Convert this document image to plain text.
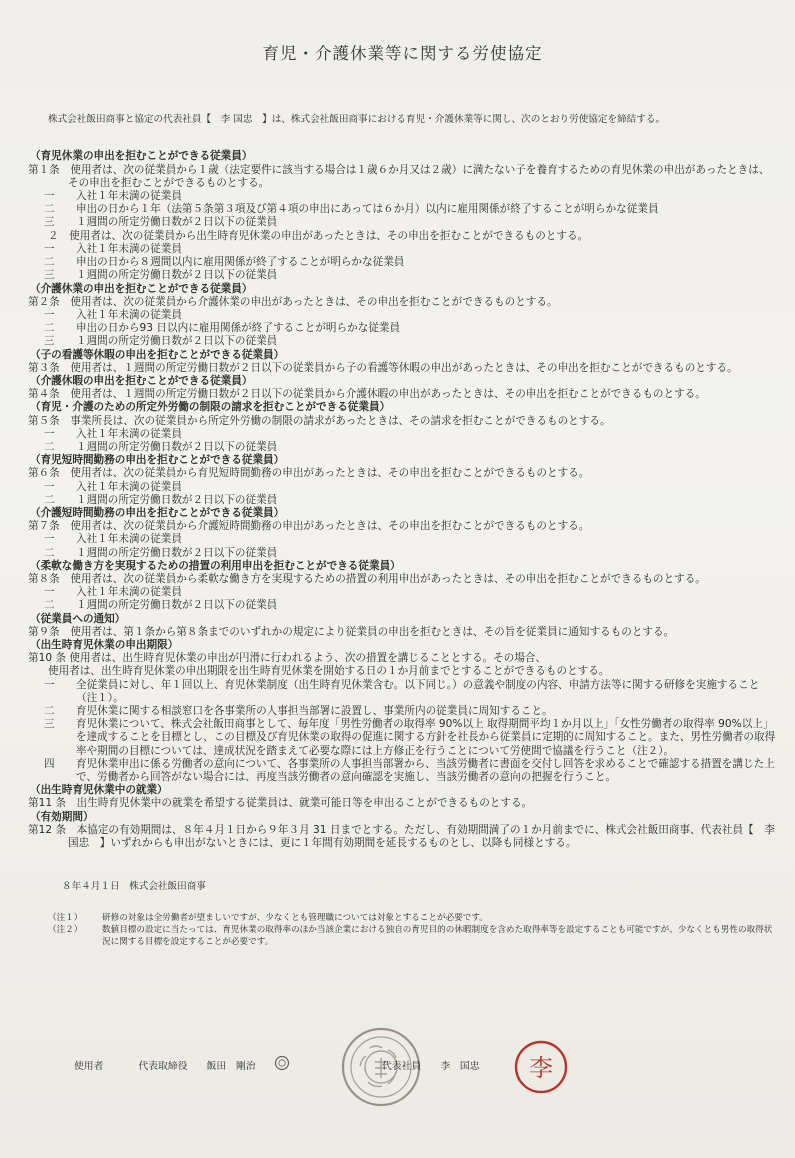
育児・介護休業等に関する労使協定
株式会社飯田商事と協定の代表社員【　李 国忠　】は、株式会社飯田商事における育児・介護休業等に関し、次のとおり労使協定を締結する。
（育児休業の申出を拒むことができる従業員）
第１条　使用者は、次の従業員から１歳（法定要件に該当する場合は１歳６か月又は２歳）に満たない子を養育するための育児休業の申出があったときは、その申出を拒むことができるものとする。
一 入社１年未満の従業員
二 申出の日から１年（法第５条第３項及び第４項の申出にあっては６か月）以内に雇用関係が終了することが明らかな従業員
三 １週間の所定労働日数が２日以下の従業員
２　使用者は、次の従業員から出生時育児休業の申出があったときは、その申出を拒むことができるものとする。
一 入社１年未満の従業員
二 申出の日から８週間以内に雇用関係が終了することが明らかな従業員
三 １週間の所定労働日数が２日以下の従業員
（介護休業の申出を拒むことができる従業員）
第２条　使用者は、次の従業員から介護休業の申出があったときは、その申出を拒むことができるものとする。
一 入社１年未満の従業員
二 申出の日から93 日以内に雇用関係が終了することが明らかな従業員
三 １週間の所定労働日数が２日以下の従業員
（子の看護等休暇の申出を拒むことができる従業員）
第３条　使用者は、１週間の所定労働日数が２日以下の従業員から子の看護等休暇の申出があったときは、その申出を拒むことができるものとする。
（介護休暇の申出を拒むことができる従業員）
第４条　使用者は、１週間の所定労働日数が２日以下の従業員から介護休暇の申出があったときは、その申出を拒むことができるものとする。
（育児・介護のための所定外労働の制限の請求を拒むことができる従業員）
第５条　事業所長は、次の従業員から所定外労働の制限の請求があったときは、その請求を拒むことができるものとする。
一 入社１年未満の従業員
二 １週間の所定労働日数が２日以下の従業員
（育児短時間勤務の申出を拒むことができる従業員）
第６条　使用者は、次の従業員から育児短時間勤務の申出があったときは、その申出を拒むことができるものとする。
一 入社１年未満の従業員
二 １週間の所定労働日数が２日以下の従業員
（介護短時間勤務の申出を拒むことができる従業員）
第７条　使用者は、次の従業員から介護短時間勤務の申出があったときは、その申出を拒むことができるものとする。
一 入社１年未満の従業員
二 １週間の所定労働日数が２日以下の従業員
（柔軟な働き方を実現するための措置の利用申出を拒むことができる従業員）
第８条　使用者は、次の従業員から柔軟な働き方を実現するための措置の利用申出があったときは、その申出を拒むことができるものとする。
一 入社１年未満の従業員
二 １週間の所定労働日数が２日以下の従業員
（従業員への通知）
第９条　使用者は、第１条から第８条までのいずれかの規定により従業員の申出を拒むときは、その旨を従業員に通知するものとする。
（出生時育児休業の申出期限）
第10 条 使用者は、出生時育児休業の申出が円滑に行われるよう、次の措置を講じることとする。その場合、
使用者は、出生時育児休業の申出期限を出生時育児休業を開始する日の１か月前までとすることができるものとする。
一 全従業員に対し、年１回以上、育児休業制度（出生時育児休業含む。以下同じ。）の意義や制度の内容、申請方法等に関する研修を実施すること（注１）。
二 育児休業に関する相談窓口を各事業所の人事担当部署に設置し、事業所内の従業員に周知すること。
三 育児休業について、株式会社飯田商事として、毎年度「男性労働者の取得率 90%以上 取得期間平均１か月以上」「女性労働者の取得率 90%以上」を達成することを目標とし、この目標及び育児休業の取得の促進に関する方針を社長から従業員に定期的に周知すること。また、男性労働者の取得率や期間の目標については、達成状況を踏まえて必要な際には上方修正を行うことについて労使間で協議を行うこと（注２）。
四 育児休業申出に係る労働者の意向について、各事業所の人事担当部署から、当該労働者に書面を交付し回答を求めることで確認する措置を講じた上で、労働者から回答がない場合には、再度当該労働者の意向確認を実施し、当該労働者の意向の把握を行うこと。
（出生時育児休業中の就業）
第11 条　出生時育児休業中の就業を希望する従業員は、就業可能日等を申出ることができるものとする。
（有効期間）
第12 条　本協定の有効期間は、８年４月１日から９年３月 31 日までとする。ただし、有効期間満了の１か月前までに、株式会社飯田商事、代表社員【　李　国忠　】いずれからも申出がないときには、更に１年間有効期間を延長するものとし、以降も同様とする。
８年４月１日　株式会社飯田商事
（注１） 研修の対象は全労働者が望ましいですが、少なくとも管理職については対象とすることが必要です。
（注２） 数値目標の設定に当たっては、育児休業の取得率のほか当該企業における独自の育児目的の休暇制度を含めた取得率等を設定することも可能ですが、少なくとも男性の取得状況に関する目標を設定することが必要です。
使用者	代表取締役 飯田　剛治	代表社員 李　国忠 李
